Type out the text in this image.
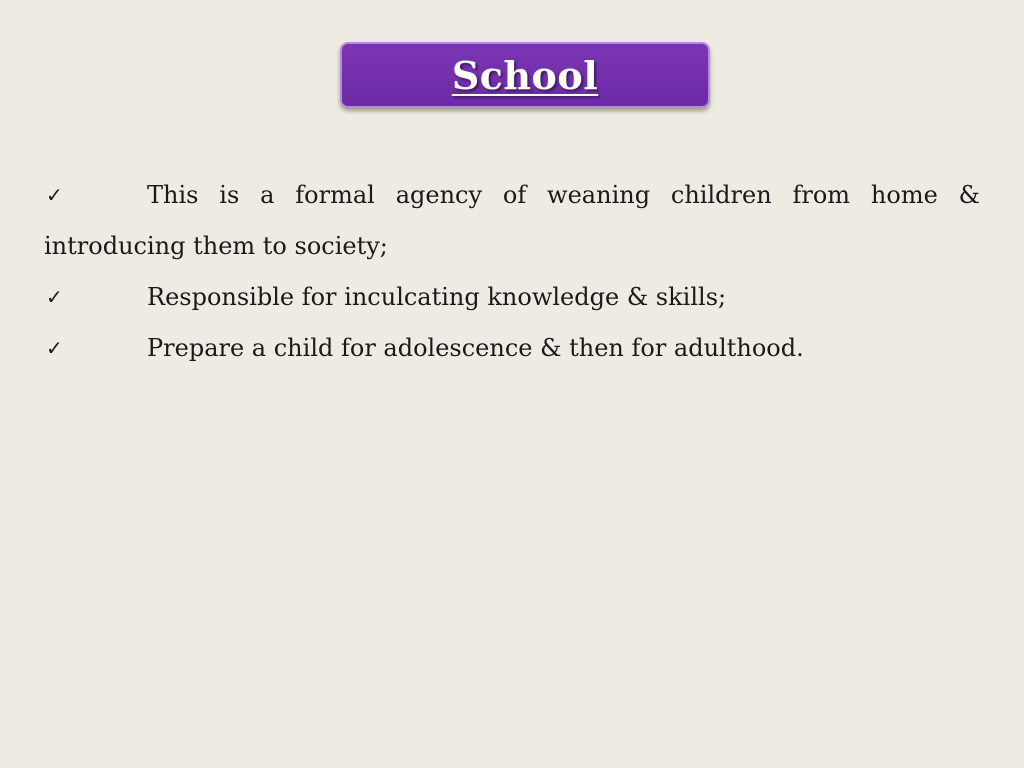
School
✓	This is a formal agency of weaning children from home & introducing them to society;
✓	Responsible for inculcating knowledge & skills;
✓	Prepare a child for adolescence & then for adulthood.
